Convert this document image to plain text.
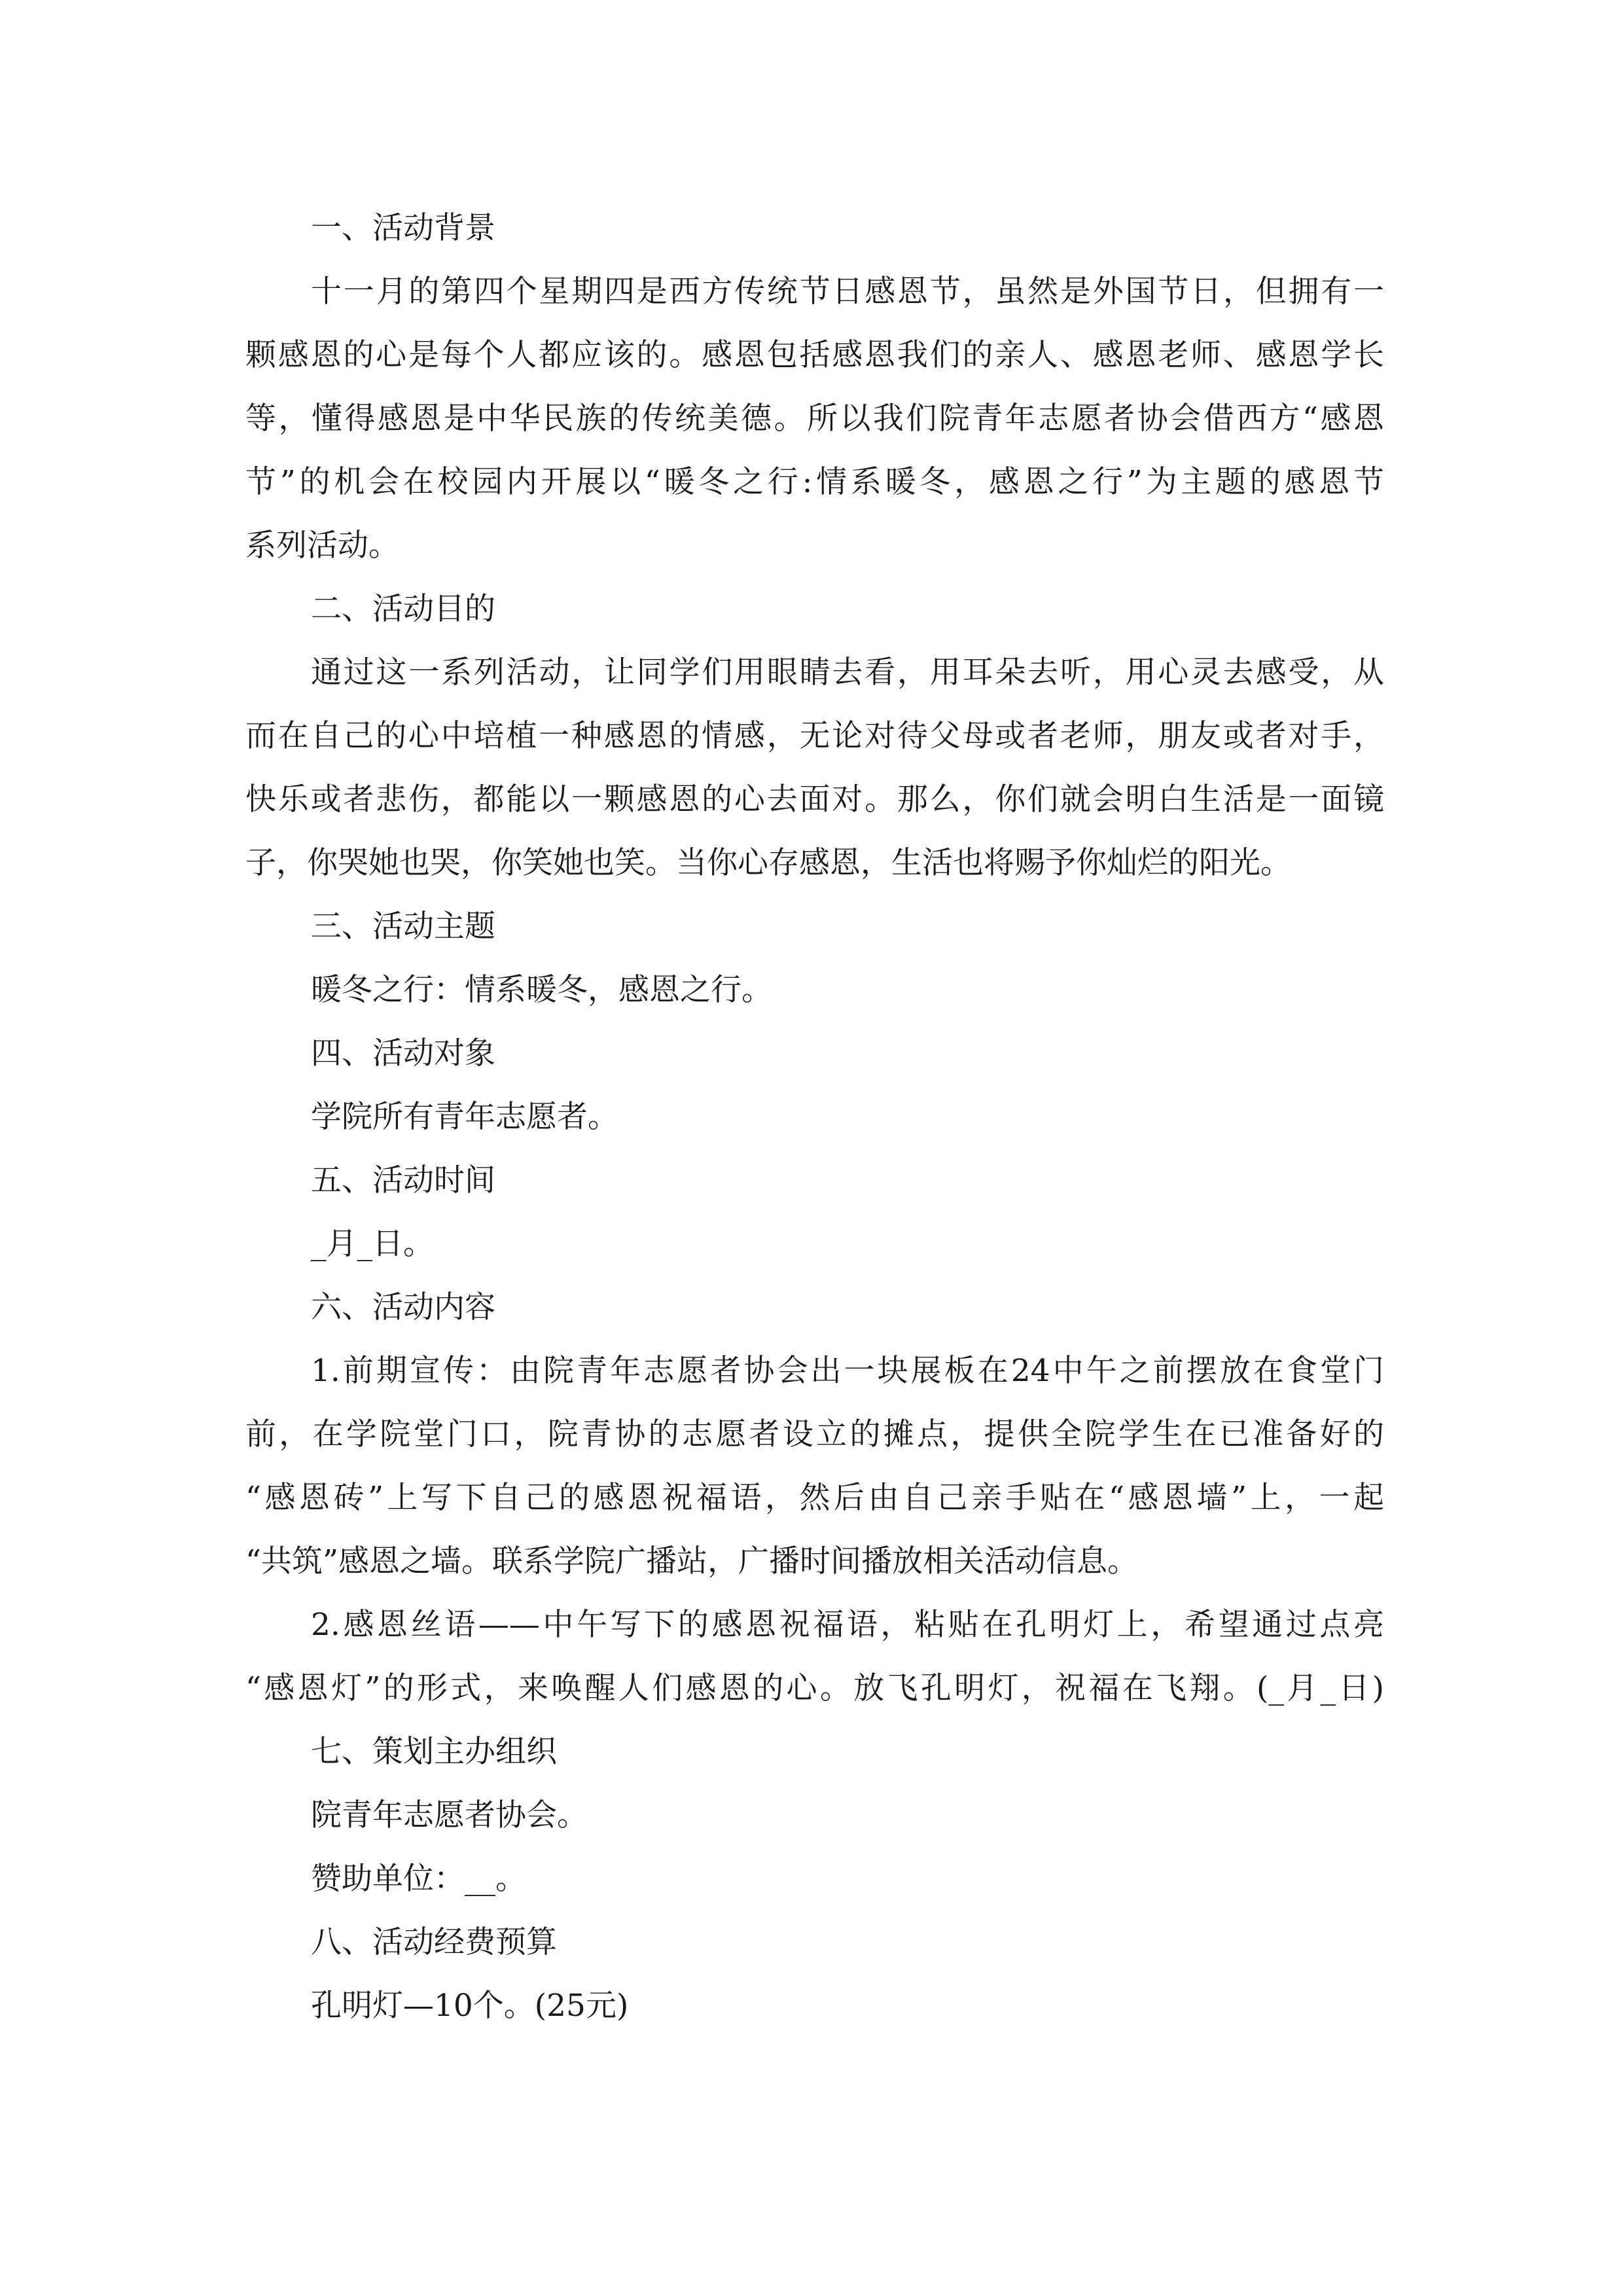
一、活动背景
十一月的第四个星期四是西方传统节日感恩节，虽然是外国节日，但拥有一
颗感恩的心是每个人都应该的。感恩包括感恩我们的亲人、感恩老师、感恩学长
等，懂得感恩是中华民族的传统美德。所以我们院青年志愿者协会借西方“感恩
节”的机会在校园内开展以“暖冬之行:情系暖冬，感恩之行”为主题的感恩节
系列活动。
二、活动目的
通过这一系列活动，让同学们用眼睛去看，用耳朵去听，用心灵去感受，从
而在自己的心中培植一种感恩的情感，无论对待父母或者老师，朋友或者对手，
快乐或者悲伤，都能以一颗感恩的心去面对。那么，你们就会明白生活是一面镜
子，你哭她也哭，你笑她也笑。当你心存感恩，生活也将赐予你灿烂的阳光。
三、活动主题
暖冬之行：情系暖冬，感恩之行。
四、活动对象
学院所有青年志愿者。
五、活动时间
_月_日。
六、活动内容
1.前期宣传：由院青年志愿者协会出一块展板在24中午之前摆放在食堂门
前，在学院堂门口，院青协的志愿者设立的摊点，提供全院学生在已准备好的
“感恩砖”上写下自己的感恩祝福语，然后由自己亲手贴在“感恩墙”上，一起
“共筑”感恩之墙。联系学院广播站，广播时间播放相关活动信息。
2.感恩丝语——中午写下的感恩祝福语，粘贴在孔明灯上，希望通过点亮
“感恩灯”的形式，来唤醒人们感恩的心。放飞孔明灯，祝福在飞翔。(_月_日)
七、策划主办组织
院青年志愿者协会。
赞助单位：__。
八、活动经费预算
孔明灯—10个。(25元)
